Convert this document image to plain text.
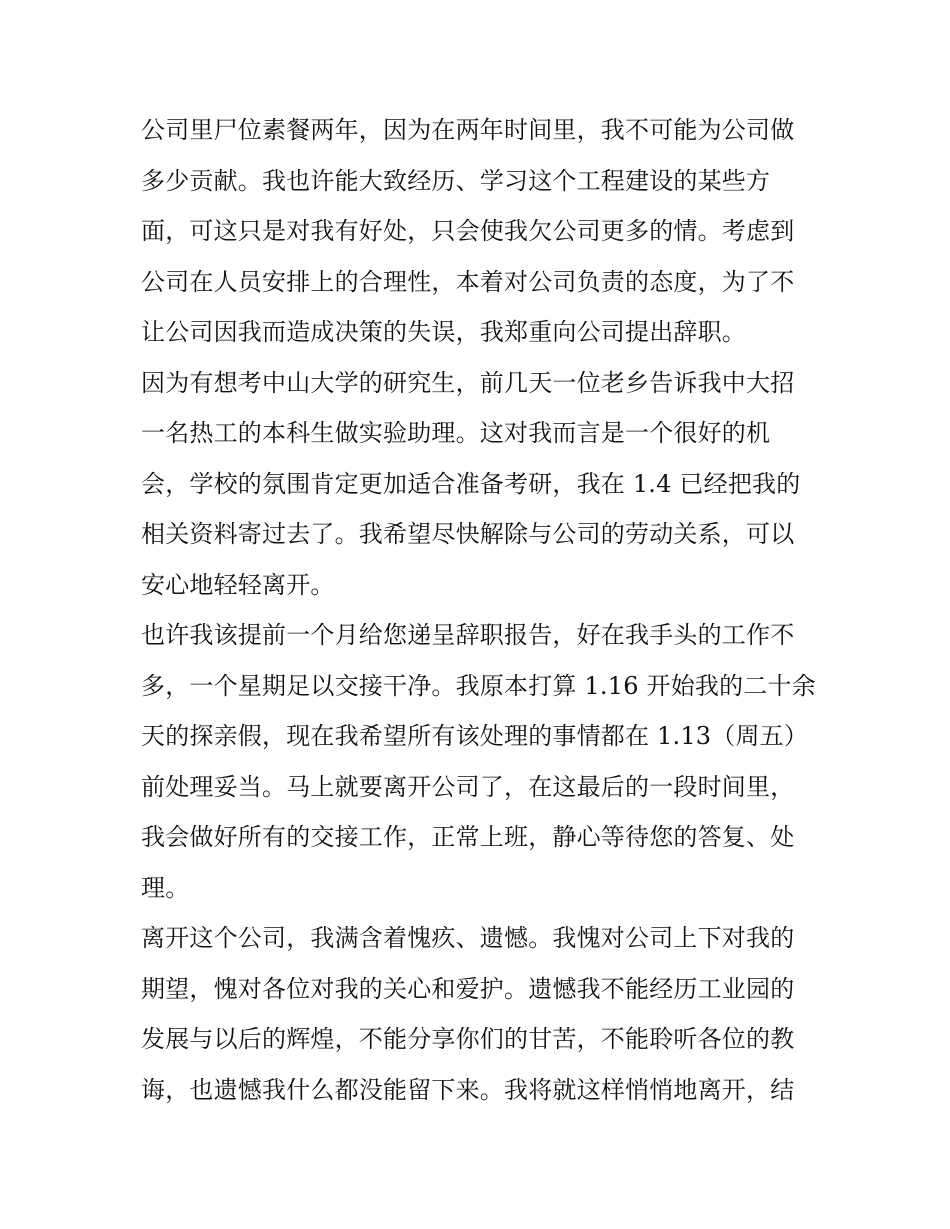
公司里尸位素餐两年，因为在两年时间里，我不可能为公司做
多少贡献。我也许能大致经历、学习这个工程建设的某些方
面，可这只是对我有好处，只会使我欠公司更多的情。考虑到
公司在人员安排上的合理性，本着对公司负责的态度，为了不
让公司因我而造成决策的失误，我郑重向公司提出辞职。
因为有想考中山大学的研究生，前几天一位老乡告诉我中大招
一名热工的本科生做实验助理。这对我而言是一个很好的机
会，学校的氛围肯定更加适合准备考研，我在 1.4 已经把我的
相关资料寄过去了。我希望尽快解除与公司的劳动关系，可以
安心地轻轻离开。
也许我该提前一个月给您递呈辞职报告，好在我手头的工作不
多，一个星期足以交接干净。我原本打算 1.16 开始我的二十余
天的探亲假，现在我希望所有该处理的事情都在 1.13（周五）
前处理妥当。马上就要离开公司了，在这最后的一段时间里，
我会做好所有的交接工作，正常上班，静心等待您的答复、处
理。
离开这个公司，我满含着愧疚、遗憾。我愧对公司上下对我的
期望，愧对各位对我的关心和爱护。遗憾我不能经历工业园的
发展与以后的辉煌，不能分享你们的甘苦，不能聆听各位的教
诲，也遗憾我什么都没能留下来。我将就这样悄悄地离开，结
